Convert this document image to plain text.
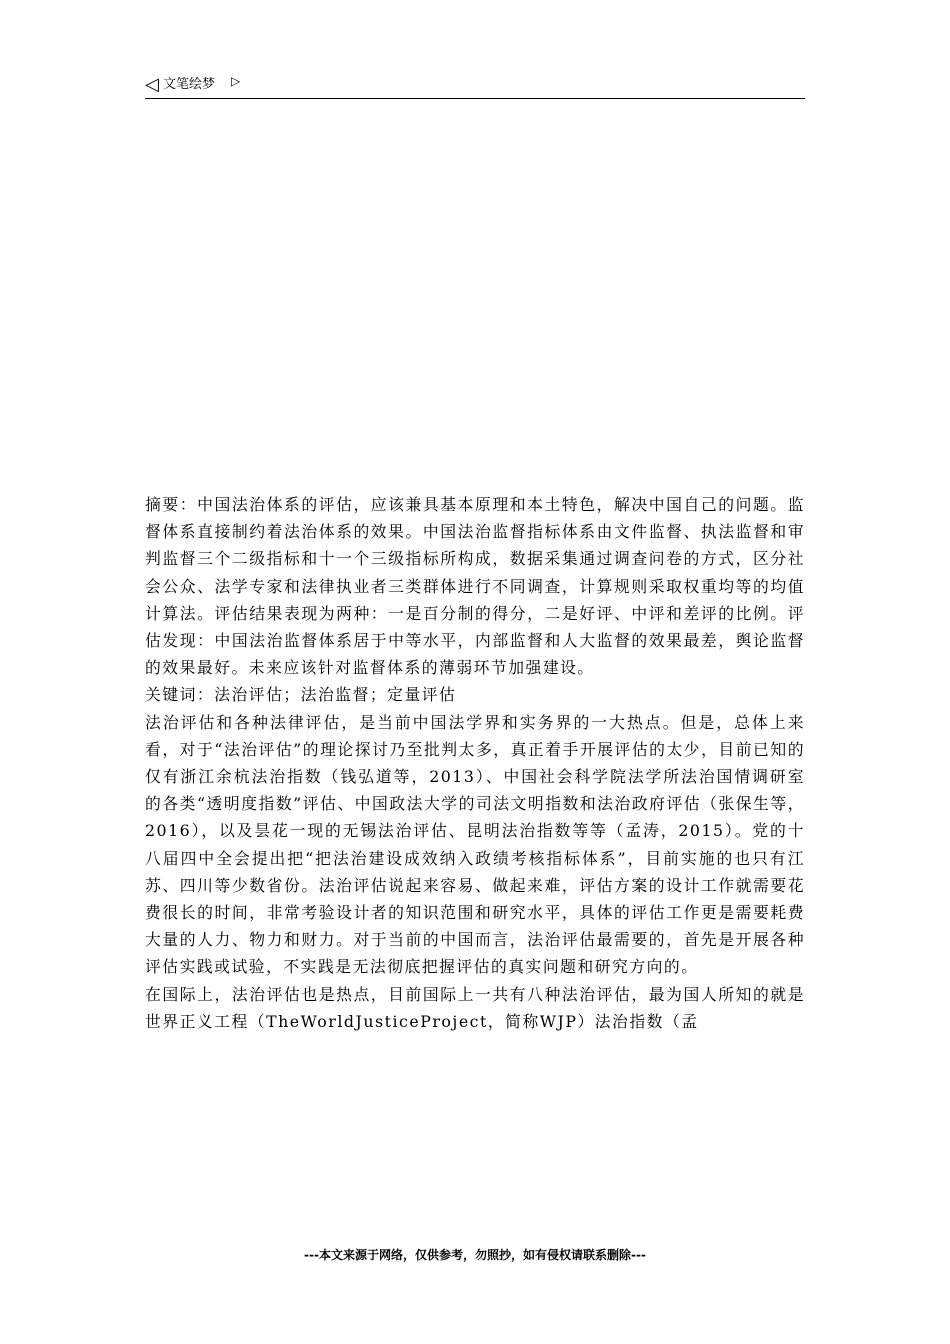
◁ 文笔绘梦 ▷

摘要：中国法治体系的评估，应该兼具基本原理和本土特色，解决中国自己的问题。监督体系直接制约着法治体系的效果。中国法治监督指标体系由文件监督、执法监督和审判监督三个二级指标和十一个三级指标所构成，数据采集通过调查问卷的方式，区分社会公众、法学专家和法律执业者三类群体进行不同调查，计算规则采取权重均等的均值计算法。评估结果表现为两种：一是百分制的得分，二是好评、中评和差评的比例。评估发现：中国法治监督体系居于中等水平，内部监督和人大监督的效果最差，舆论监督的效果最好。未来应该针对监督体系的薄弱环节加强建设。

关键词：法治评估；法治监督；定量评估

法治评估和各种法律评估，是当前中国法学界和实务界的一大热点。但是，总体上来看，对于“法治评估”的理论探讨乃至批判太多，真正着手开展评估的太少，目前已知的仅有浙江余杭法治指数（钱弘道等，2013）、中国社会科学院法学所法治国情调研室的各类“透明度指数”评估、中国政法大学的司法文明指数和法治政府评估（张保生等，2016），以及昙花一现的无锡法治评估、昆明法治指数等等（孟涛，2015）。党的十八届四中全会提出把“把法治建设成效纳入政绩考核指标体系”，目前实施的也只有江苏、四川等少数省份。法治评估说起来容易、做起来难，评估方案的设计工作就需要花费很长的时间，非常考验设计者的知识范围和研究水平，具体的评估工作更是需要耗费大量的人力、物力和财力。对于当前的中国而言，法治评估最需要的，首先是开展各种评估实践或试验，不实践是无法彻底把握评估的真实问题和研究方向的。

在国际上，法治评估也是热点，目前国际上一共有八种法治评估，最为国人所知的就是世界正义工程（TheWorldJusticeProject，简称WJP）法治指数（孟

---本文来源于网络，仅供参考，勿照抄，如有侵权请联系删除---
